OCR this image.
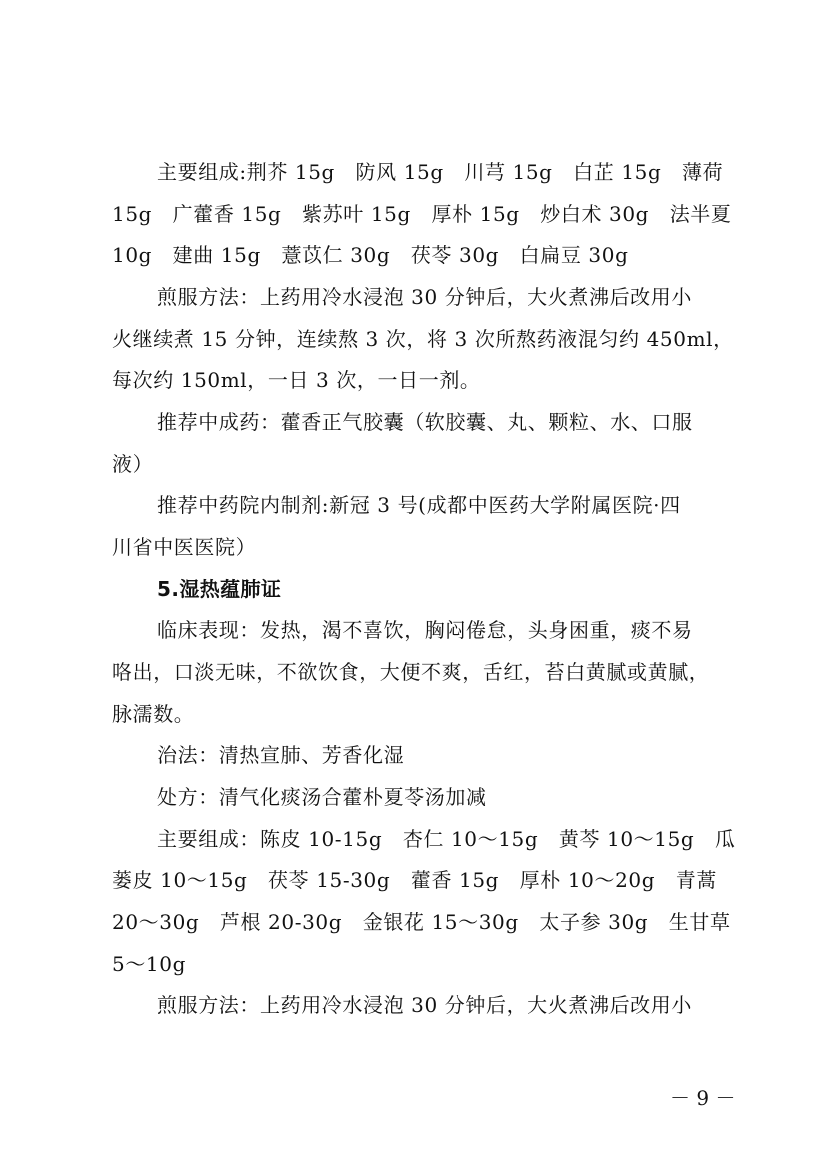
主要组成:荆芥 15g　防风 15g　川芎 15g　白芷 15g　薄荷
15g　广藿香 15g　紫苏叶 15g　厚朴 15g　炒白术 30g　法半夏
10g　建曲 15g　薏苡仁 30g　茯苓 30g　白扁豆 30g
煎服方法：上药用冷水浸泡 30 分钟后，大火煮沸后改用小
火继续煮 15 分钟，连续熬 3 次，将 3 次所熬药液混匀约 450ml，
每次约 150ml，一日 3 次，一日一剂。
推荐中成药：藿香正气胶囊（软胶囊、丸、颗粒、水、口服
液）
推荐中药院内制剂:新冠 3 号(成都中医药大学附属医院·四
川省中医医院）
5.湿热蕴肺证
临床表现：发热，渴不喜饮，胸闷倦怠，头身困重，痰不易
咯出，口淡无味，不欲饮食，大便不爽，舌红，苔白黄腻或黄腻，
脉濡数。
治法：清热宣肺、芳香化湿
处方：清气化痰汤合藿朴夏苓汤加减
主要组成：陈皮 10-15g　杏仁 10～15g　黄芩 10～15g　瓜
蒌皮 10～15g　茯苓 15-30g　藿香 15g　厚朴 10～20g　青蒿
20～30g　芦根 20-30g　金银花 15～30g　太子参 30g　生甘草
5～10g
煎服方法：上药用冷水浸泡 30 分钟后，大火煮沸后改用小
－ 9 －
